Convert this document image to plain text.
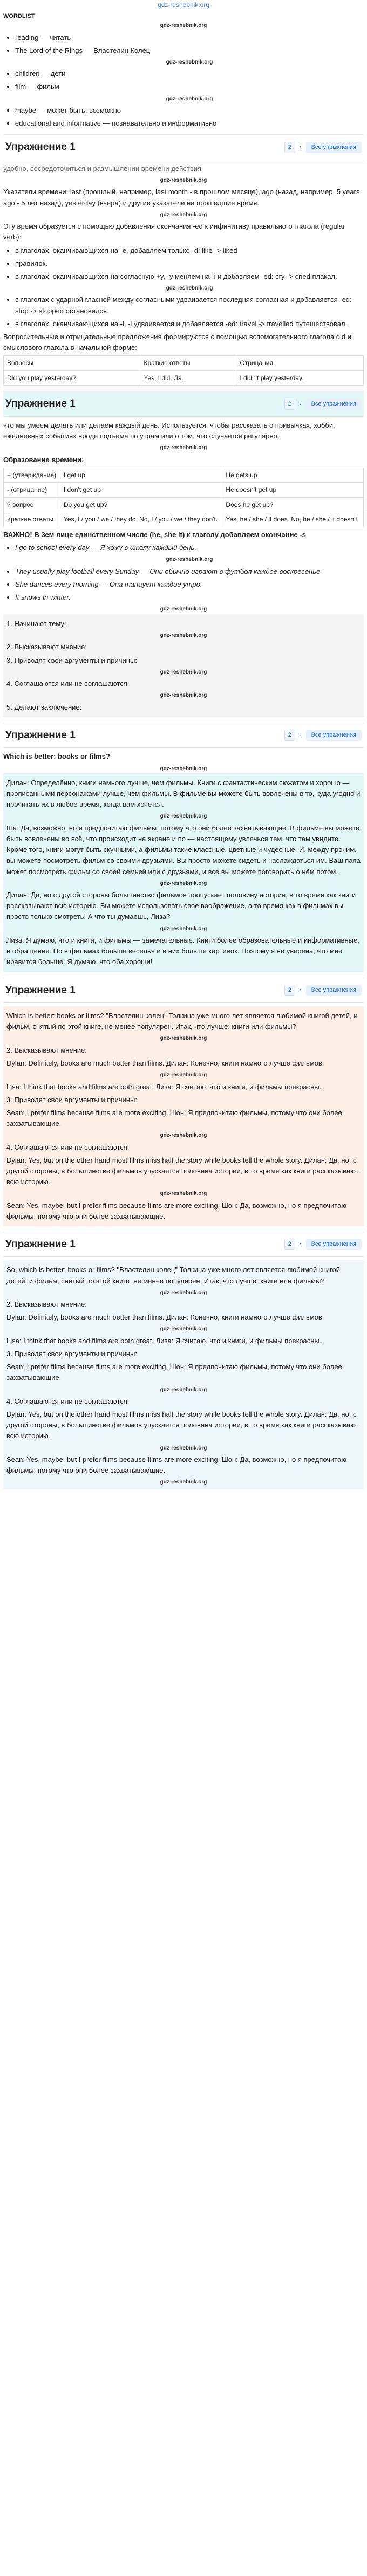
gdz-reshebnik.org
WORDLIST
gdz-reshebnik.org
• reading — читать
• The Lord of the Rings — Властелин Колец
gdz-reshebnik.org
• children — дети
• film — фильм
gdz-reshebnik.org
• maybe — может быть, возможно
• educational and informative — познавательно и информативно
Упражнение 1	2	›	Все упражнения

удобно, сосредоточиться и размышлении времени действия

gdz-reshebnik.org

Указатели времени: last (прошлый, например, last month - в прошлом месяце), ago (назад, например, 5 years ago - 5 лет назад), yesterday (вчера) и другие указатели на прошедшие время.

gdz-reshebnik.org

Эту время образуется с помощью добавления окончания -ed к инфинитиву правильного глагола (regular verb):

• в глаголах, оканчивающихся на -e, добавляем только -d: like -> liked
• правилок.
• в глаголах, оканчивающихся на согласную +y, -y меняем на -i и добавляем -ed: cry -> cried плакал.
gdz-reshebnik.org
• в глаголах с ударной гласной между согласными удваивается последняя согласная и добавляется -ed: stop -> stopped остановился.
• в глаголах, оканчивающихся на -l, -l удваивается и добавляется -ed: travel -> travelled путешествовал.

Вопросительные и отрицательные предложения формируются с помощью вспомогательного глагола did и смыслового глагола в начальной форме:

Вопросы	Краткие ответы	Отрицания
Did you play yesterday?	Yes, I did. Да.	I didn't play yesterday.
Упражнение 1	2	›	Все упражнения

что мы умеем делать или делаем каждый день. Используется, чтобы рассказать о привычках, хобби, ежедневных событиях вроде подъема по утрам или о том, что случается регулярно.

gdz-reshebnik.org

Образование времени:

+ (утверждение)	I get up	He gets up
- (отрицание)	I don't get up	He doesn't get up
? вопрос	Do you get up?	Does he get up?
Краткие ответы	Yes, I / you / we / they do. No, I / you / we / they don't.	Yes, he / she / it does. No, he / she / it doesn't.

ВАЖНО! В 3ем лице единственном числе (he, she it) к глаголу добавляем окончание -s

• I go to school every day — Я хожу в школу каждый день.
gdz-reshebnik.org
• They usually play football every Sunday — Они обычно играют в футбол каждое воскресенье.
• She dances every morning — Она танцует каждое утро.
• It snows in winter.
gdz-reshebnik.org

1. Начинают тему:

gdz-reshebnik.org

2. Высказывают мнение:

3. Приводят свои аргументы и причины:

gdz-reshebnik.org

4. Соглашаются или не соглашаются:

gdz-reshebnik.org

5. Делают заключение:

Упражнение 1	2	›	Все упражнения

Which is better: books or films?

gdz-reshebnik.org

Дилан: Определённо, книги намного лучше, чем фильмы. Книги с фантастическим сюжетом и хорошо — прописанными персонажами лучше, чем фильмы. В фильме вы можете быть вовлечены в то, куда угодно и прочитать их в любое время, когда вам хочется.

gdz-reshebnik.org

Ша: Да, возможно, но я предпочитаю фильмы, потому что они более захватывающие. В фильме вы можете быть вовлечены во всё, что происходит на экране и по — настоящему увлечься тем, что там увидите. Кроме того, книги могут быть скучными, а фильмы такие классные, цветные и чудесные. И, между прочим, вы можете посмотреть фильм со своими друзьями. Вы просто можете сидеть и наслаждаться им. Ваш папа может посмотреть фильм со своей семьей или с друзьями, и все вы можете поговорить о нём потом.

gdz-reshebnik.org

Дилан: Да, но с другой стороны большинство фильмов пропускает половину истории, в то время как книги рассказывают всю историю. Вы можете использовать свое воображение, а то время как в фильмах вы просто только смотреть! А что ты думаешь, Лиза?

gdz-reshebnik.org

Лиза: Я думаю, что и книги, и фильмы — замечательные. Книги более образовательные и информативные, и обращение. Но в фильмах больше веселья и в них больше картинок. Поэтому я не уверена, что мне нравится больше. Я думаю, что оба хороши!

Упражнение 1	2	›	Все упражнения

Which is better: books or films? "Властелин колец" Толкина уже много лет является любимой книгой детей, и фильм, снятый по этой книге, не менее популярен. Итак, что лучше: книги или фильмы?

gdz-reshebnik.org

2. Высказывают мнение:

Dylan: Definitely, books are much better than films. Дилан: Конечно, книги намного лучше фильмов.

gdz-reshebnik.org

Lisa: I think that books and films are both great. Лиза: Я считаю, что и книги, и фильмы прекрасны.

3. Приводят свои аргументы и причины:

Sean: I prefer films because films are more exciting. Шон: Я предпочитаю фильмы, потому что они более захватывающие.

gdz-reshebnik.org

4. Соглашаются или не соглашаются:

Dylan: Yes, but on the other hand most films miss half the story while books tell the whole story. Дилан: Да, но, с другой стороны, в большинстве фильмов упускается половина истории, в то время как книги рассказывают всю историю.

gdz-reshebnik.org

Sean: Yes, maybe, but I prefer films because films are more exciting. Шон: Да, возможно, но я предпочитаю фильмы, потому что они более захватывающие.

Упражнение 1	2	›	Все упражнения

So, which is better: books or films? "Властелин колец" Толкина уже много лет является любимой книгой детей, и фильм, снятый по этой книге, не менее популярен. Итак, что лучше: книги или фильмы?

gdz-reshebnik.org

2. Высказывают мнение:

Dylan: Definitely, books are much better than films. Дилан: Конечно, книги намного лучше фильмов.

gdz-reshebnik.org

Lisa: I think that books and films are both great. Лиза: Я считаю, что и книги, и фильмы прекрасны.

3. Приводят свои аргументы и причины:

Sean: I prefer films because films are more exciting. Шон: Я предпочитаю фильмы, потому что они более захватывающие.

gdz-reshebnik.org

4. Соглашаются или не соглашаются:

Dylan: Yes, but on the other hand most films miss half the story while books tell the whole story. Дилан: Да, но, с другой стороны, в большинстве фильмов упускается половина истории, в то время как книги рассказывают всю историю.

gdz-reshebnik.org

Sean: Yes, maybe, but I prefer films because films are more exciting. Шон: Да, возможно, но я предпочитаю фильмы, потому что они более захватывающие.

gdz-reshebnik.org
